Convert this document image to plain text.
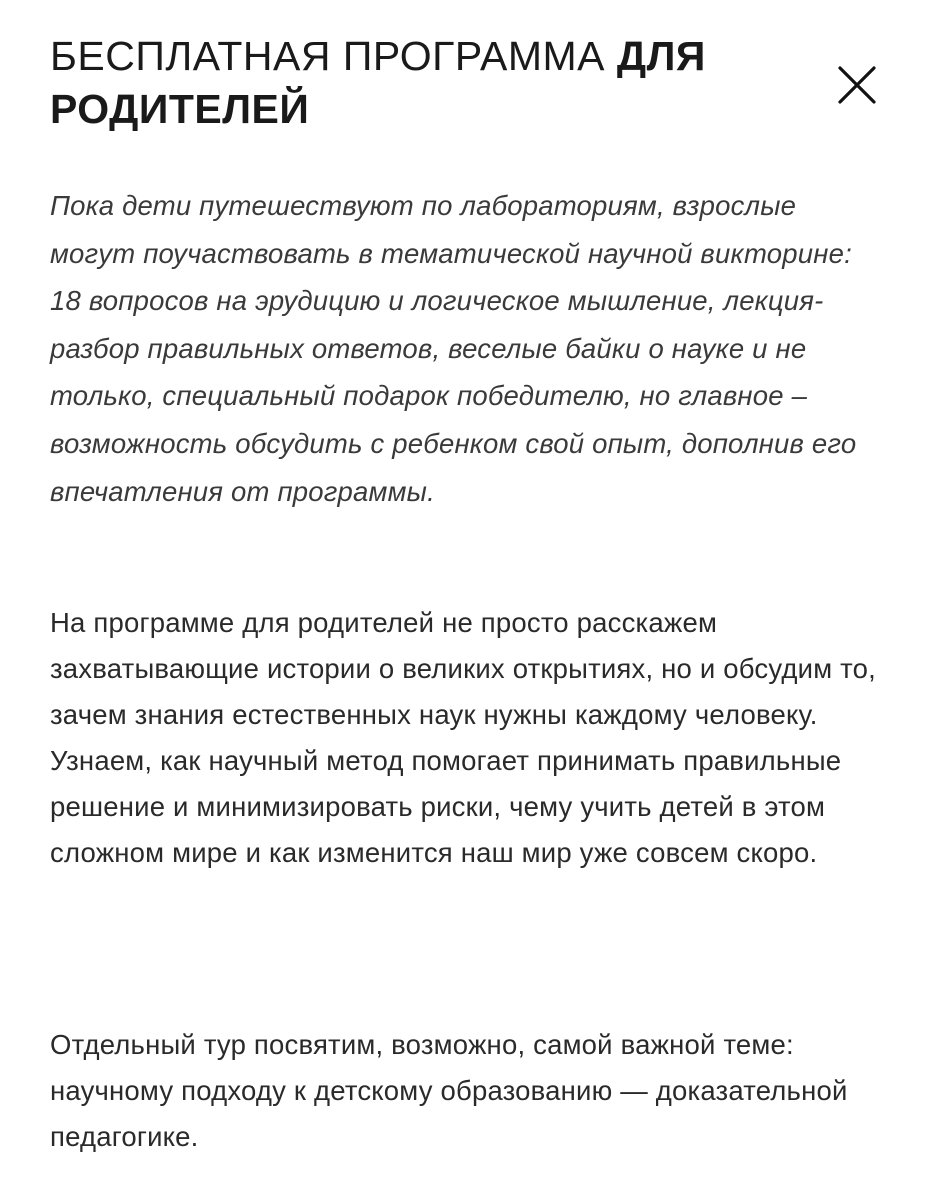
БЕСПЛАТНАЯ ПРОГРАММА ДЛЯ РОДИТЕЛЕЙ

Пока дети путешествуют по лабораториям, взрослые могут поучаствовать в тематической научной викторине: 18 вопросов на эрудицию и логическое мышление, лекция-разбор правильных ответов, веселые байки о науке и не только, специальный подарок победителю, но главное – возможность обсудить с ребенком свой опыт, дополнив его впечатления от программы.

На программе для родителей не просто расскажем захватывающие истории о великих открытиях, но и обсудим то, зачем знания естественных наук нужны каждому человеку. Узнаем, как научный метод помогает принимать правильные решение и минимизировать риски, чему учить детей в этом сложном мире и как изменится наш мир уже совсем скоро.

Отдельный тур посвятим, возможно, самой важной теме: научному подходу к детскому образованию — доказательной педагогике.
